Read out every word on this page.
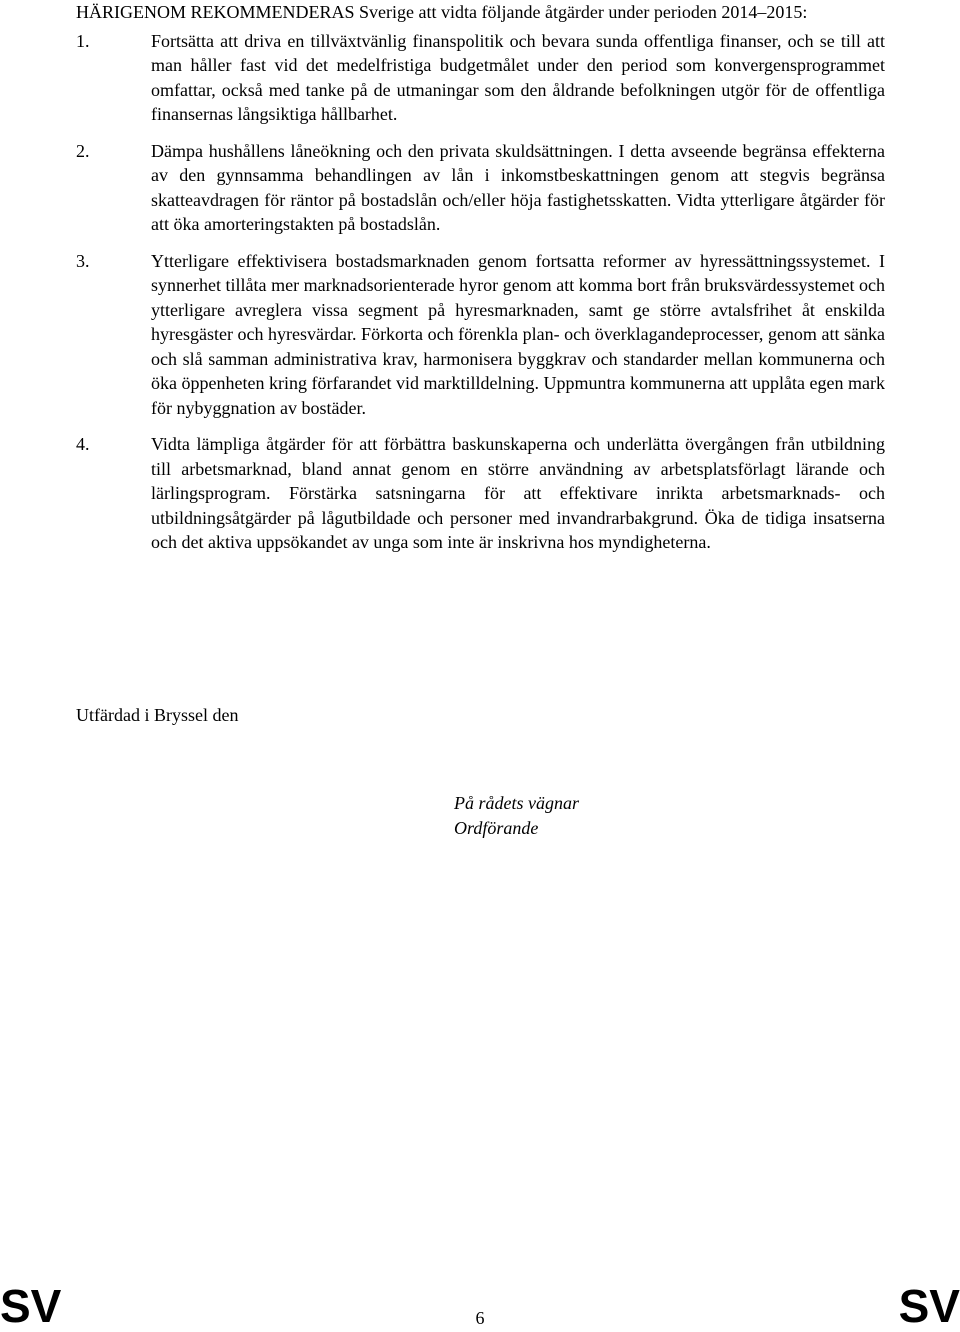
HÄRIGENOM REKOMMENDERAS Sverige att vidta följande åtgärder under perioden 2014–2015:

1.	Fortsätta att driva en tillväxtvänlig finanspolitik och bevara sunda offentliga finanser, och se till att man håller fast vid det medelfristiga budgetmålet under den period som konvergensprogrammet omfattar, också med tanke på de utmaningar som den åldrande befolkningen utgör för de offentliga finansernas långsiktiga hållbarhet.
2.	Dämpa hushållens låneökning och den privata skuldsättningen. I detta avseende begränsa effekterna av den gynnsamma behandlingen av lån i inkomstbeskattningen genom att stegvis begränsa skatteavdragen för räntor på bostadslån och/eller höja fastighetsskatten. Vidta ytterligare åtgärder för att öka amorteringstakten på bostadslån.
3.	Ytterligare effektivisera bostadsmarknaden genom fortsatta reformer av hyressättningssystemet. I synnerhet tillåta mer marknadsorienterade hyror genom att komma bort från bruksvärdessystemet och ytterligare avreglera vissa segment på hyresmarknaden, samt ge större avtalsfrihet åt enskilda hyresgäster och hyresvärdar. Förkorta och förenkla plan- och överklagandeprocesser, genom att sänka och slå samman administrativa krav, harmonisera byggkrav och standarder mellan kommunerna och öka öppenheten kring förfarandet vid marktilldelning. Uppmuntra kommunerna att upplåta egen mark för nybyggnation av bostäder.
4.	Vidta lämpliga åtgärder för att förbättra baskunskaperna och underlätta övergången från utbildning till arbetsmarknad, bland annat genom en större användning av arbetsplatsförlagt lärande och lärlingsprogram. Förstärka satsningarna för att effektivare inrikta arbetsmarknads- och utbildningsåtgärder på lågutbildade och personer med invandrarbakgrund. Öka de tidiga insatserna och det aktiva uppsökandet av unga som inte är inskrivna hos myndigheterna.
Utfärdad i Bryssel den
På rådets vägnar
Ordförande
SV	6	SV
